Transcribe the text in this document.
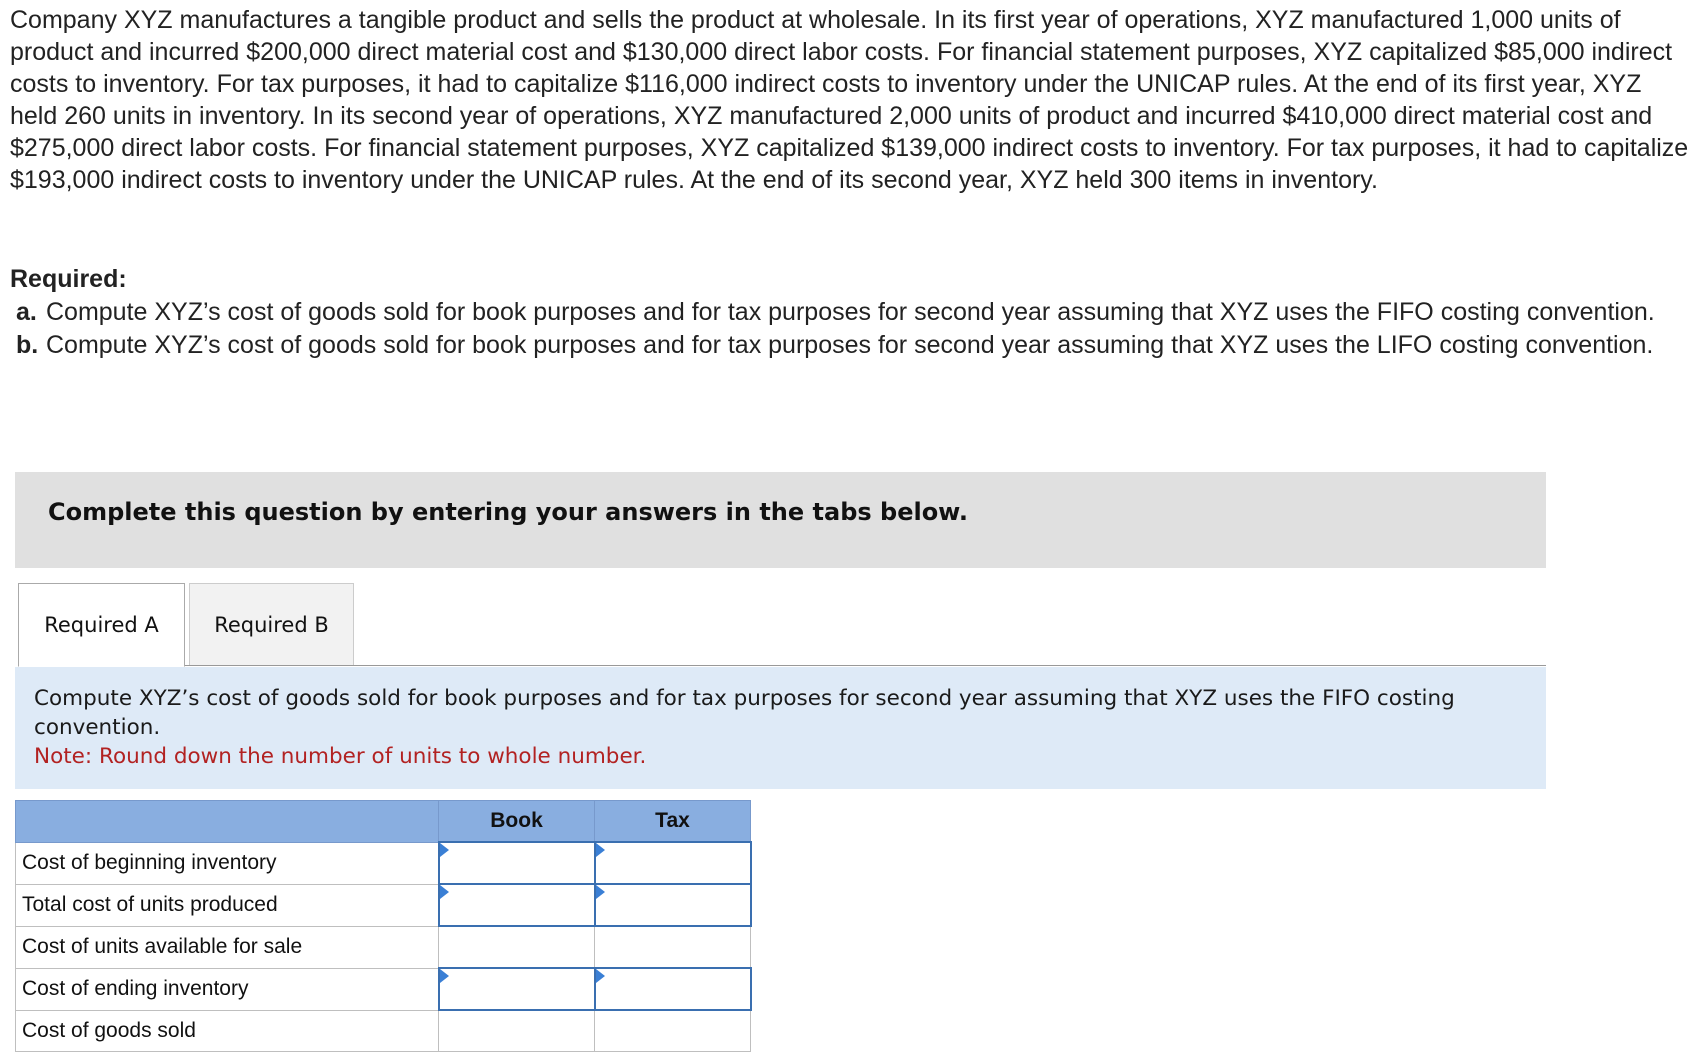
Company XYZ manufactures a tangible product and sells the product at wholesale. In its first year of operations, XYZ manufactured 1,000 units of product and incurred $200,000 direct material cost and $130,000 direct labor costs. For financial statement purposes, XYZ capitalized $85,000 indirect costs to inventory. For tax purposes, it had to capitalize $116,000 indirect costs to inventory under the UNICAP rules. At the end of its first year, XYZ held 260 units in inventory. In its second year of operations, XYZ manufactured 2,000 units of product and incurred $410,000 direct material cost and $275,000 direct labor costs. For financial statement purposes, XYZ capitalized $139,000 indirect costs to inventory. For tax purposes, it had to capitalize $193,000 indirect costs to inventory under the UNICAP rules. At the end of its second year, XYZ held 300 items in inventory.

Required:

a. Compute XYZ’s cost of goods sold for book purposes and for tax purposes for second year assuming that XYZ uses the FIFO costing convention.
b. Compute XYZ’s cost of goods sold for book purposes and for tax purposes for second year assuming that XYZ uses the LIFO costing convention.
Complete this question by entering your answers in the tabs below.
Required A	Required B
Compute XYZ’s cost of goods sold for book purposes and for tax purposes for second year assuming that XYZ uses the FIFO costing convention.
Note: Round down the number of units to whole number.
	Book	Tax
Cost of beginning inventory	

Total cost of units produced	

Cost of units available for sale		
Cost of ending inventory	

Cost of goods sold		
